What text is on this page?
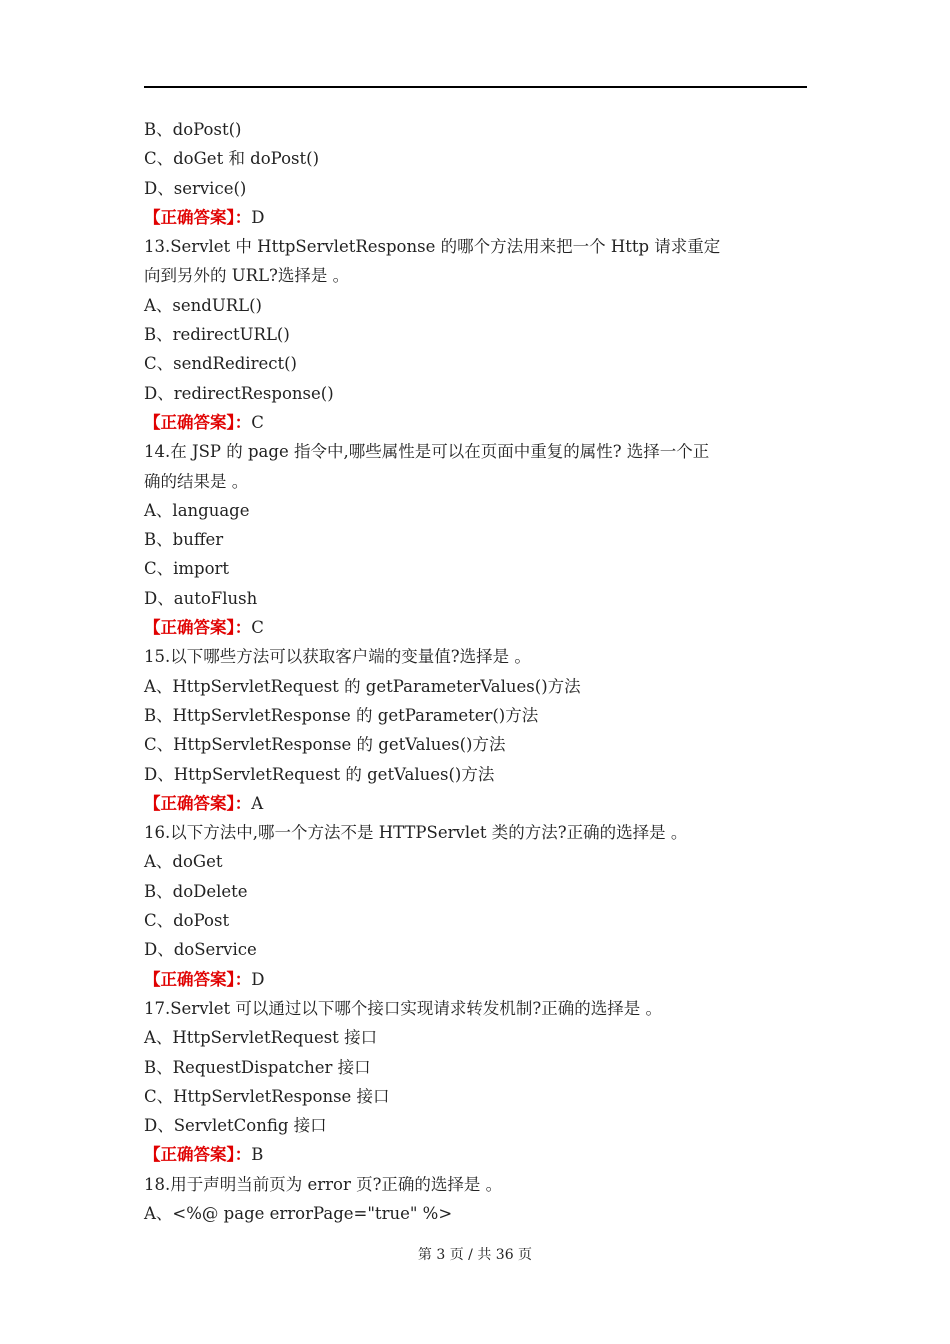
B、doPost()
C、doGet 和 doPost()
D、service()
【正确答案】：D
13.Servlet 中 HttpServletResponse 的哪个方法用来把一个 Http 请求重定
向到另外的 URL?选择是 。
A、sendURL()
B、redirectURL()
C、sendRedirect()
D、redirectResponse()
【正确答案】：C
14.在 JSP 的 page 指令中,哪些属性是可以在页面中重复的属性? 选择一个正
确的结果是 。
A、language
B、buffer
C、import
D、autoFlush
【正确答案】：C
15.以下哪些方法可以获取客户端的变量值?选择是 。
A、HttpServletRequest 的 getParameterValues()方法
B、HttpServletResponse 的 getParameter()方法
C、HttpServletResponse 的 getValues()方法
D、HttpServletRequest 的 getValues()方法
【正确答案】：A
16.以下方法中,哪一个方法不是 HTTPServlet 类的方法?正确的选择是 。
A、doGet
B、doDelete
C、doPost
D、doService
【正确答案】：D
17.Servlet 可以通过以下哪个接口实现请求转发机制?正确的选择是 。
A、HttpServletRequest 接口
B、RequestDispatcher 接口
C、HttpServletResponse 接口
D、ServletConfig 接口
【正确答案】：B
18.用于声明当前页为 error 页?正确的选择是 。
A、<%@ page errorPage="true" %>
第 3 页 / 共 36 页
